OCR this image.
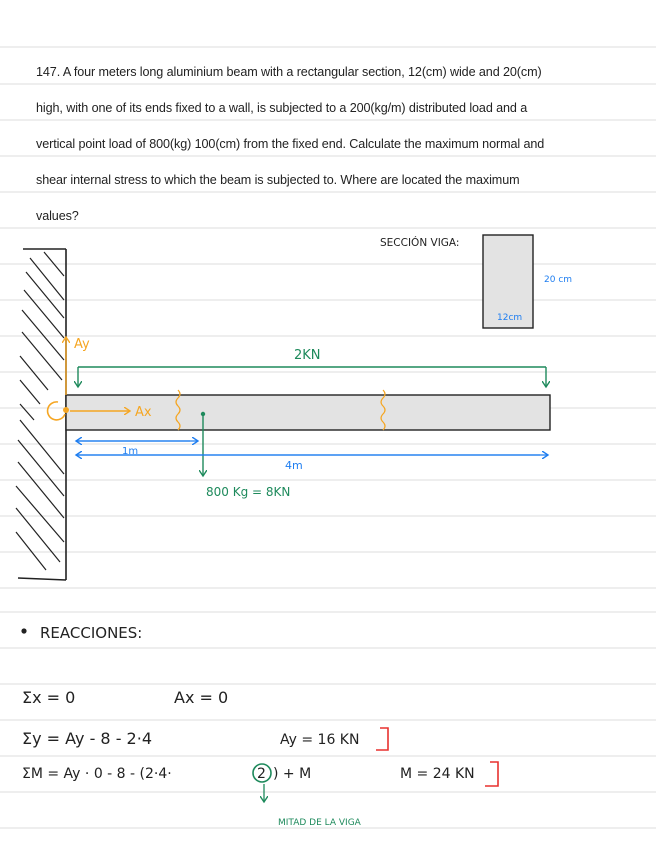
147. A four meters long aluminium beam with a rectangular section, 12(cm) wide and 20(cm)

high, with one of its ends fixed to a wall, is subjected to a 200(kg/m) distributed load and a

vertical point load of 800(kg) 100(cm) from the fixed end. Calculate the maximum normal and

shear internal stress to which the beam is subjected to. Where are located the maximum

values?

Ay
Ax
2KN
800 Kg = 8KN
1m
4m
SECCIÓN VIGA:
20 cm
12cm
REACCIONES:
Σx = 0	Ax = 0
Σy = Ay - 8 - 2·4	Ay = 16 KN
ΣM = Ay · 0 - 8 - (2·4·	2 ) + M	M = 24 KN
MITAD DE LA VIGA
